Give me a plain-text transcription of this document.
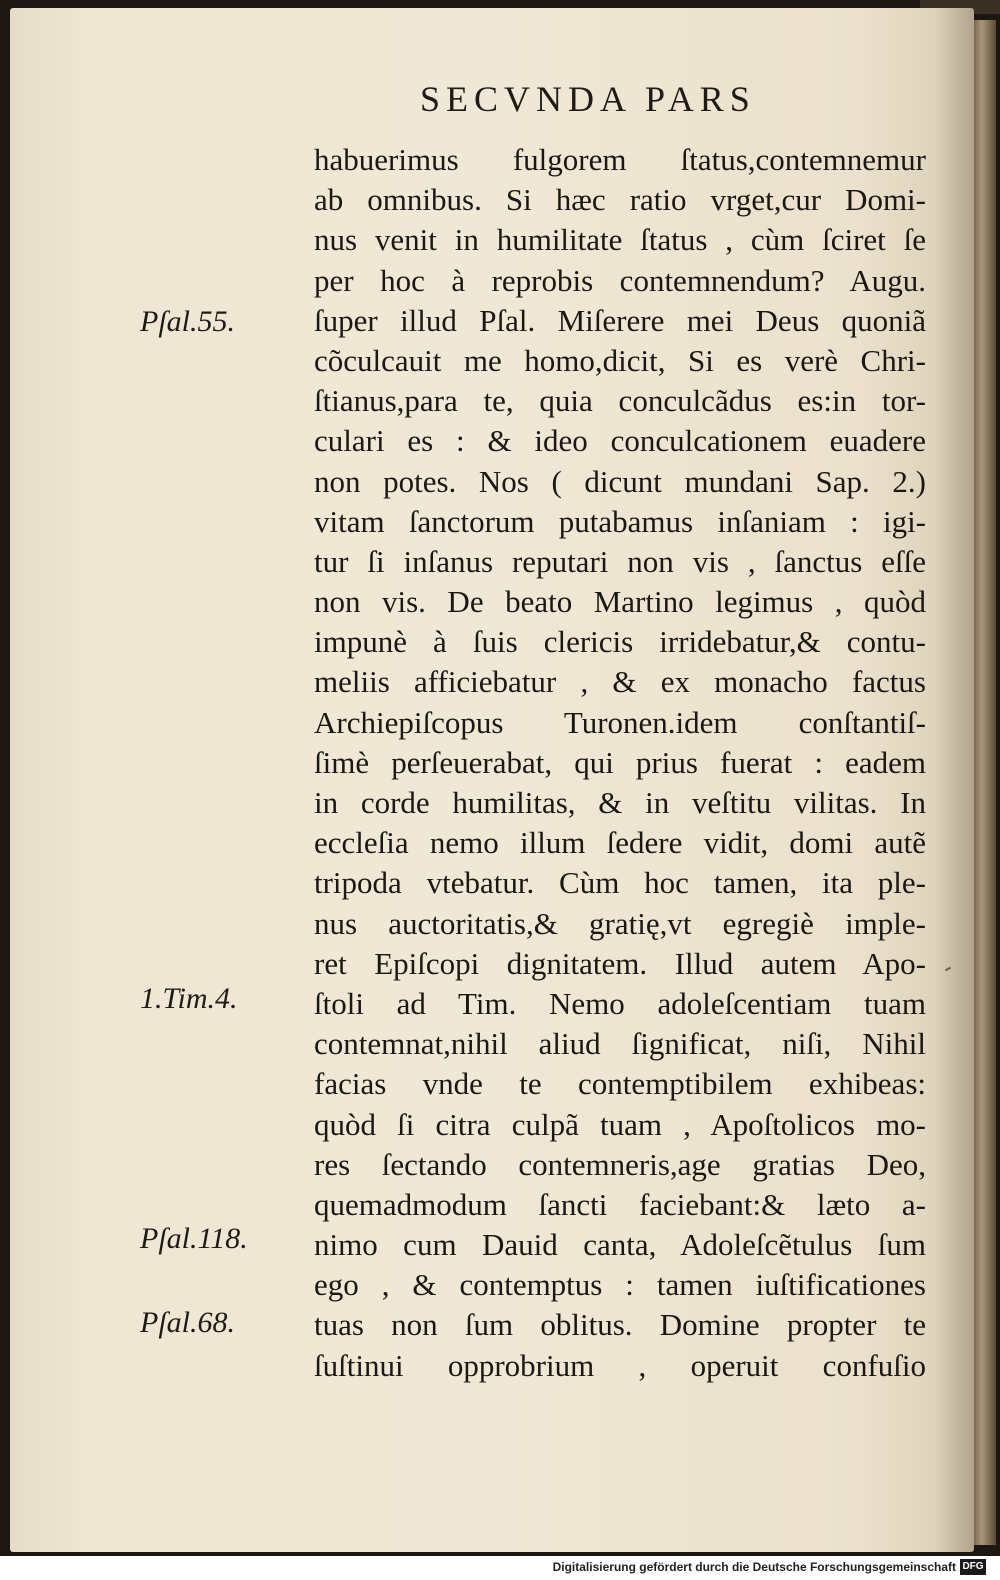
SECVNDA PARS
Pſal.55.
1.Tim.4.
Pſal.118.
Pſal.68.
habuerimus fulgorem ſtatus,contemnemur
ab omnibus. Si hæc ratio vrget,cur Domi-
nus venit in humilitate ſtatus , cùm ſciret ſe
per hoc à reprobis contemnendum? Augu.
ſuper illud Pſal. Miſerere mei Deus quoniã
cõculcauit me homo,dicit, Si es verè Chri-
ſtianus,para te, quia conculcãdus es:in tor-
culari es : & ideo conculcationem euadere
non potes. Nos ( dicunt mundani Sap. 2.)
vitam ſanctorum putabamus inſaniam : igi-
tur ſi inſanus reputari non vis , ſanctus eſſe
non vis. De beato Martino legimus , quòd
impunè à ſuis clericis irridebatur,& contu-
meliis afficiebatur , & ex monacho factus
Archiepiſcopus Turonen.idem conſtantiſ-
ſimè perſeuerabat, qui prius fuerat : eadem
in corde humilitas, & in veſtitu vilitas. In
eccleſia nemo illum ſedere vidit, domi autẽ
tripoda vtebatur. Cùm hoc tamen, ita ple-
nus auctoritatis,& gratię,vt egregiè imple-
ret Epiſcopi dignitatem. Illud autem Apo-
ſtoli ad Tim. Nemo adoleſcentiam tuam
contemnat,nihil aliud ſignificat, niſi, Nihil
facias vnde te contemptibilem exhibeas:
quòd ſi citra culpã tuam , Apoſtolicos mo-
res ſectando contemneris,age gratias Deo,
quemadmodum ſancti faciebant:& læto a-
nimo cum Dauid canta, Adoleſcẽtulus ſum
ego , & contemptus : tamen iuſtificationes
tuas non ſum oblitus. Domine propter te
ſuſtinui opprobrium , operuit confuſio
Digitalisierung gefördert durch die Deutsche Forschungsgemeinschaft DFG
